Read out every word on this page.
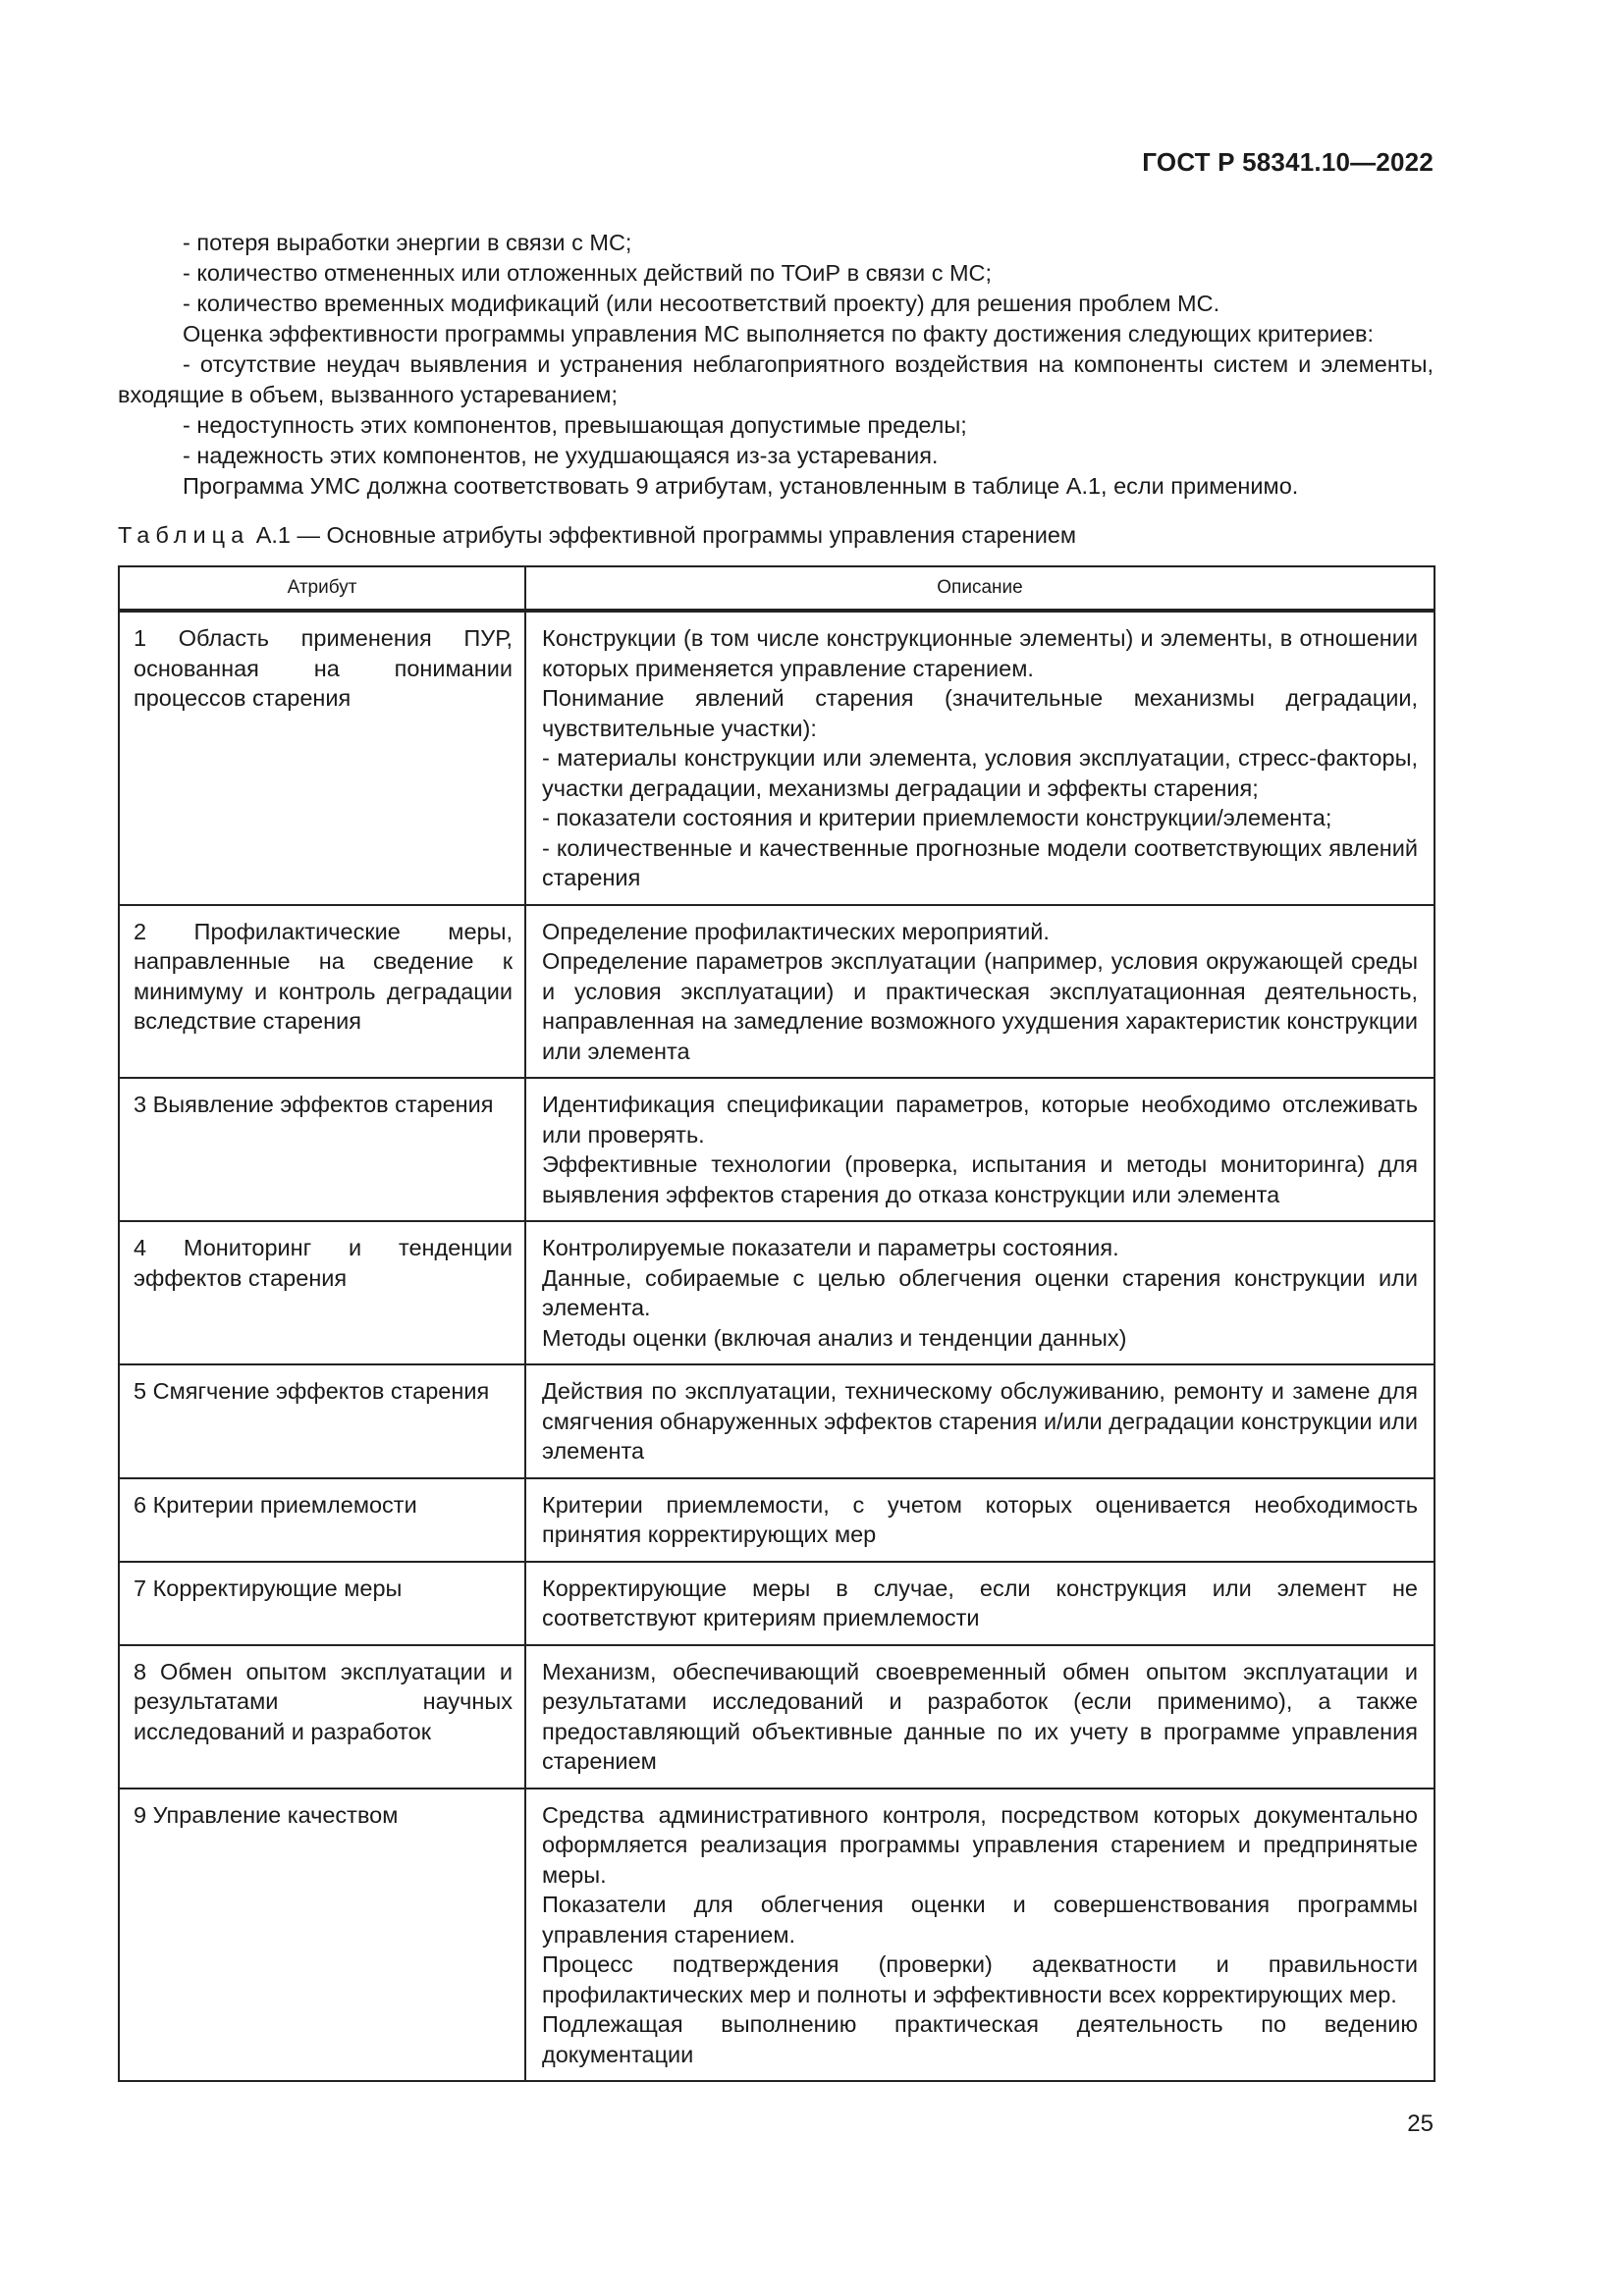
ГОСТ Р 58341.10—2022

- потеря выработки энергии в связи с МС;

- количество отмененных или отложенных действий по ТОиР в связи с МС;

- количество временных модификаций (или несоответствий проекту) для решения проблем МС.

Оценка эффективности программы управления МС выполняется по факту достижения следующих критериев:

- отсутствие неудач выявления и устранения неблагоприятного воздействия на компоненты систем и элементы, входящие в объем, вызванного устареванием;

- недоступность этих компонентов, превышающая допустимые пределы;

- надежность этих компонентов, не ухудшающаяся из-за устаревания.

Программа УМС должна соответствовать 9 атрибутам, установленным в таблице А.1, если применимо.

Таблица А.1 — Основные атрибуты эффективной программы управления старением
Атрибут	Описание
1 Область применения ПУР, основанная на понимании процессов старения	Конструкции (в том числе конструкционные элементы) и элементы, в отношении которых применяется управление старением.
Понимание явлений старения (значительные механизмы деградации, чувствительные участки):
- материалы конструкции или элемента, условия эксплуатации, стресс-факторы, участки деградации, механизмы деградации и эффекты старения;
- показатели состояния и критерии приемлемости конструкции/элемента;
- количественные и качественные прогнозные модели соответствующих явлений старения

2 Профилактические меры, направленные на сведение к минимуму и контроль деградации вследствие старения	Определение профилактических мероприятий.
Определение параметров эксплуатации (например, условия окружающей среды и условия эксплуатации) и практическая эксплуатационная деятельность, направленная на замедление возможного ухудшения характеристик конструкции или элемента

3 Выявление эффектов старения	Идентификация спецификации параметров, которые необходимо отслеживать или проверять.
Эффективные технологии (проверка, испытания и методы мониторинга) для выявления эффектов старения до отказа конструкции или элемента

4 Мониторинг и тенденции эффектов старения	Контролируемые показатели и параметры состояния.
Данные, собираемые с целью облегчения оценки старения конструкции или элемента.
Методы оценки (включая анализ и тенденции данных)

5 Смягчение эффектов старения	Действия по эксплуатации, техническому обслуживанию, ремонту и замене для смягчения обнаруженных эффектов старения и/или деградации конструкции или элемента

6 Критерии приемлемости	Критерии приемлемости, с учетом которых оценивается необходимость принятия корректирующих мер

7 Корректирующие меры	Корректирующие меры в случае, если конструкция или элемент не соответствуют критериям приемлемости

8 Обмен опытом эксплуатации и результатами научных исследований и разработок	Механизм, обеспечивающий своевременный обмен опытом эксплуатации и результатами исследований и разработок (если применимо), а также предоставляющий объективные данные по их учету в программе управления старением

9 Управление качеством	Средства административного контроля, посредством которых документально оформляется реализация программы управления старением и предпринятые меры.
Показатели для облегчения оценки и совершенствования программы управления старением.
Процесс подтверждения (проверки) адекватности и правильности профилактических мер и полноты и эффективности всех корректирующих мер.
Подлежащая выполнению практическая деятельность по ведению документации
25
